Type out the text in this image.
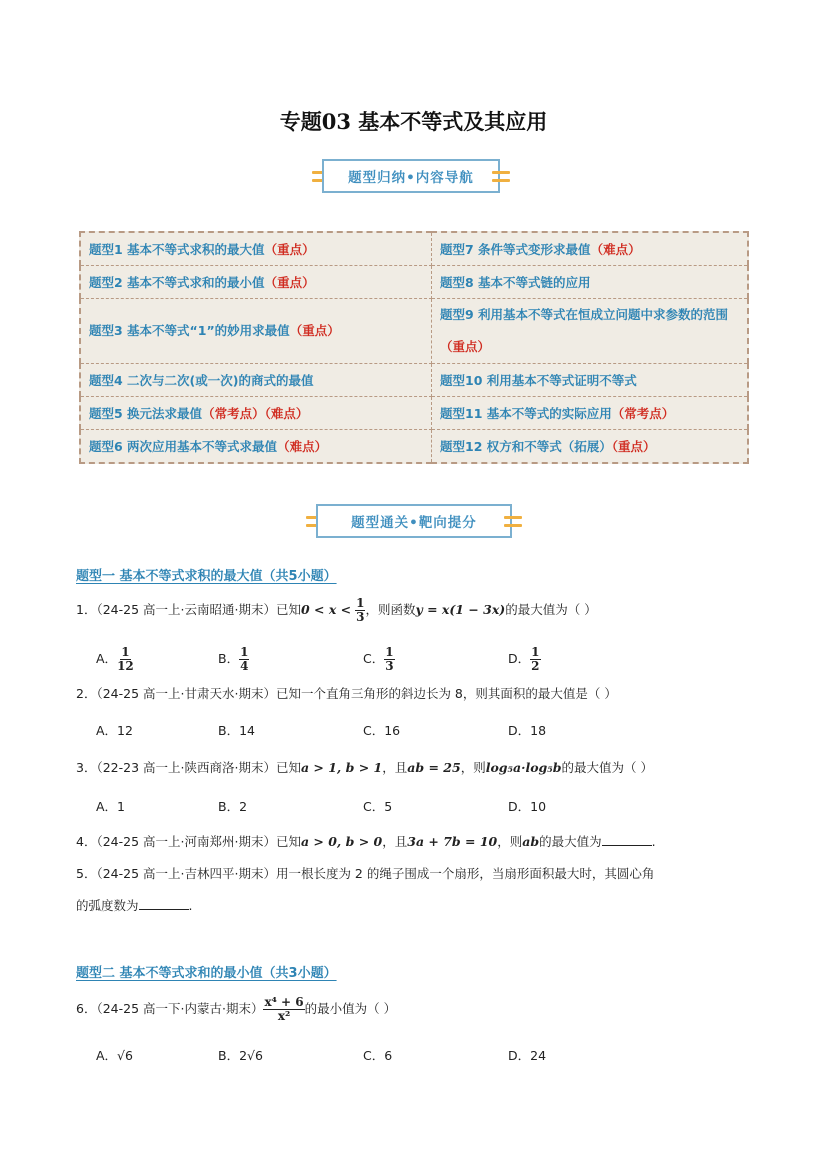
专题03 基本不等式及其应用
题型归纳•内容导航
题型1 基本不等式求积的最大值（重点）	题型7 条件等式变形求最值（难点）
题型2 基本不等式求和的最小值（重点）	题型8 基本不等式链的应用
题型3 基本不等式“1”的妙用求最值（重点）	题型9 利用基本不等式在恒成立问题中求参数的范围（重点）
题型4 二次与二次(或一次)的商式的最值	题型10 利用基本不等式证明不等式
题型5 换元法求最值（常考点）（难点）	题型11 基本不等式的实际应用（常考点）
题型6 两次应用基本不等式求最值（难点）	题型12 权方和不等式（拓展）（重点）
题型通关•靶向提分
题型一 基本不等式求积的最大值（共5小题）
1．（24-25 高一上·云南昭通·期末）已知$0 < x < \frac{1}{3}$ ，则函数y = x(1 − 3x)的最大值为（ ）
A． $\frac{1}{12}$	B． $\frac{1}{4}$	C． $\frac{1}{3}$	D． $\frac{1}{2}$
2．（24-25 高一上·甘肃天水·期末）已知一个直角三角形的斜边长为 8，则其面积的最大值是（ ）
A．12	B．14	C．16	D．18
3．（22-23 高一上·陕西商洛·期末）已知a > 1, b > 1，且ab = 25，则log₅a·log₅b的最大值为（ ）
A．1	B．2	C．5	D．10
4．（24-25 高一上·河南郑州·期末）已知a > 0, b > 0，且3a + 7b = 10，则ab的最大值为	.
5．（24-25 高一上·吉林四平·期末）用一根长度为 2 的绳子围成一个扇形，当扇形面积最大时，其圆心角
的弧度数为	.
题型二 基本不等式求和的最小值（共3小题）
6．（24-25 高一下·内蒙古·期末） $\frac{\text{x⁴ + 6}}{\text{x²}}$ 的最小值为（ ）
A．√6	B．2√6	C．6	D．24
